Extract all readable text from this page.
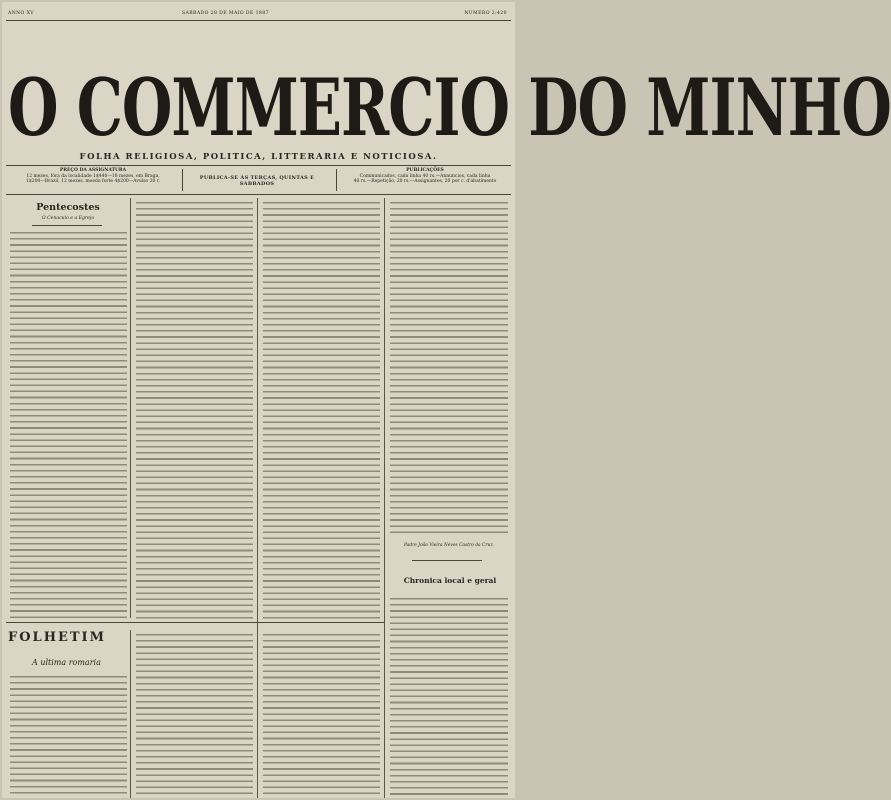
ANNO XV	SABBADO 28 DE MAIO DE 1887	NUMERO 2:420
O COMMERCIO DO MINHO
FOLHA RELIGIOSA, POLITICA, LITTERARIA E NOTICIOSA.
PREÇO DA ASSIGNATURA
12 mezes, fóra da localidade 1$440—18 mezes, em Braga,
1$200—Brazil, 12 mezes, moeda forte 4$200—Avulso 20 r.
PUBLICAÇÕES
Communicados, cada linha 40 rs.—Annuncios, cada linha
40 rs.—Repetição, 20 rs.—Assignantes, 20 por c. d'abatimento
PUBLICA-SE ÀS TERÇAS, QUINTAS E SABBADOS
Pentecostes
O Cenaculo e a Egreja
Padre João Vieira Neves Castro da Cruz.
Chronica local e geral
FOLHETIM
A ultima romaria
